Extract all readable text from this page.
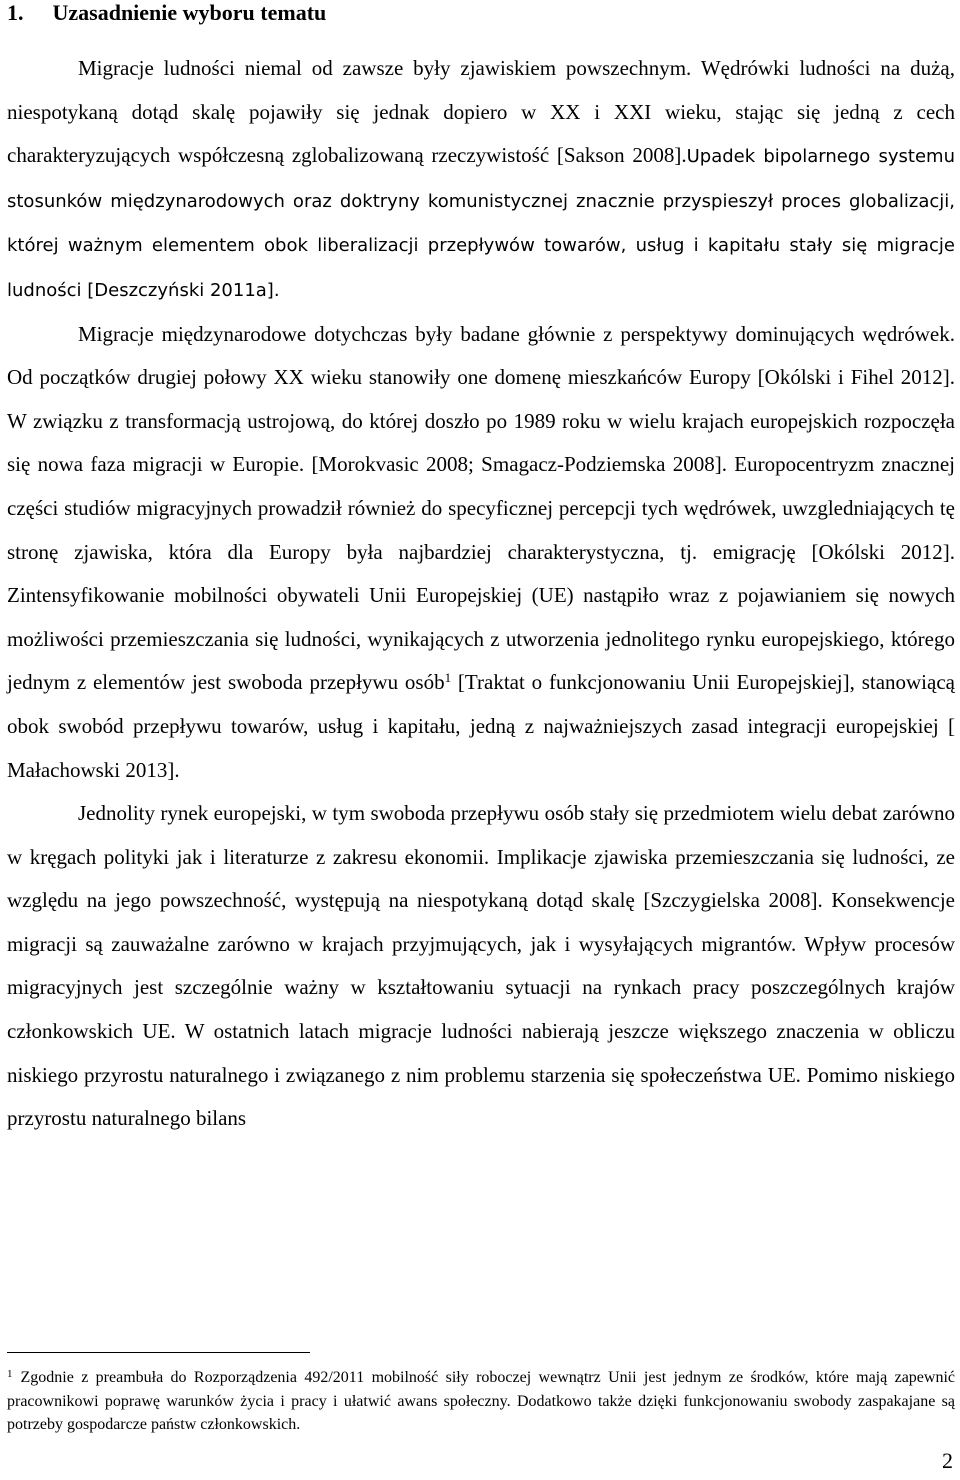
1. Uzasadnienie wyboru tematu

Migracje ludności niemal od zawsze były zjawiskiem powszechnym. Wędrówki ludności na dużą, niespotykaną dotąd skalę pojawiły się jednak dopiero w XX i XXI wieku, stając się jedną z cech charakteryzujących współczesną zglobalizowaną rzeczywistość [Sakson 2008].Upadek bipolarnego systemu stosunków międzynarodowych oraz doktryny komunistycznej znacznie przyspieszył proces globalizacji, której ważnym elementem obok liberalizacji przepływów towarów, usług i kapitału stały się migracje ludności [Deszczyński 2011a].

Migracje międzynarodowe dotychczas były badane głównie z perspektywy dominujących wędrówek. Od początków drugiej połowy XX wieku stanowiły one domenę mieszkańców Europy [Okólski i Fihel 2012]. W związku z transformacją ustrojową, do której doszło po 1989 roku w wielu krajach europejskich rozpoczęła się nowa faza migracji w Europie. [Morokvasic 2008; Smagacz-Podziemska 2008]. Europocentryzm znacznej części studiów migracyjnych prowadził również do specyficznej percepcji tych wędrówek, uwzgledniających tę stronę zjawiska, która dla Europy była najbardziej charakterystyczna, tj. emigrację [Okólski 2012]. Zintensyfikowanie mobilności obywateli Unii Europejskiej (UE) nastąpiło wraz z pojawianiem się nowych możliwości przemieszczania się ludności, wynikających z utworzenia jednolitego rynku europejskiego, którego jednym z elementów jest swoboda przepływu osób$^1$ [Traktat o funkcjonowaniu Unii Europejskiej], stanowiącą obok swobód przepływu towarów, usług i kapitału, jedną z najważniejszych zasad integracji europejskiej [ Małachowski 2013].

Jednolity rynek europejski, w tym swoboda przepływu osób stały się przedmiotem wielu debat zarówno w kręgach polityki jak i literaturze z zakresu ekonomii. Implikacje zjawiska przemieszczania się ludności, ze względu na jego powszechność, występują na niespotykaną dotąd skalę [Szczygielska 2008]. Konsekwencje migracji są zauważalne zarówno w krajach przyjmujących, jak i wysyłających migrantów. Wpływ procesów migracyjnych jest szczególnie ważny w kształtowaniu sytuacji na rynkach pracy poszczególnych krajów członkowskich UE. W ostatnich latach migracje ludności nabierają jeszcze większego znaczenia w obliczu niskiego przyrostu naturalnego i związanego z nim problemu starzenia się społeczeństwa UE. Pomimo niskiego przyrostu naturalnego bilans

$^1$ Zgodnie z preambuła do Rozporządzenia 492/2011 mobilność siły roboczej wewnątrz Unii jest jednym ze środków, które mają zapewnić pracownikowi poprawę warunków życia i pracy i ułatwić awans społeczny. Dodatkowo także dzięki funkcjonowaniu swobody zaspakajane są potrzeby gospodarcze państw członkowskich.

2
